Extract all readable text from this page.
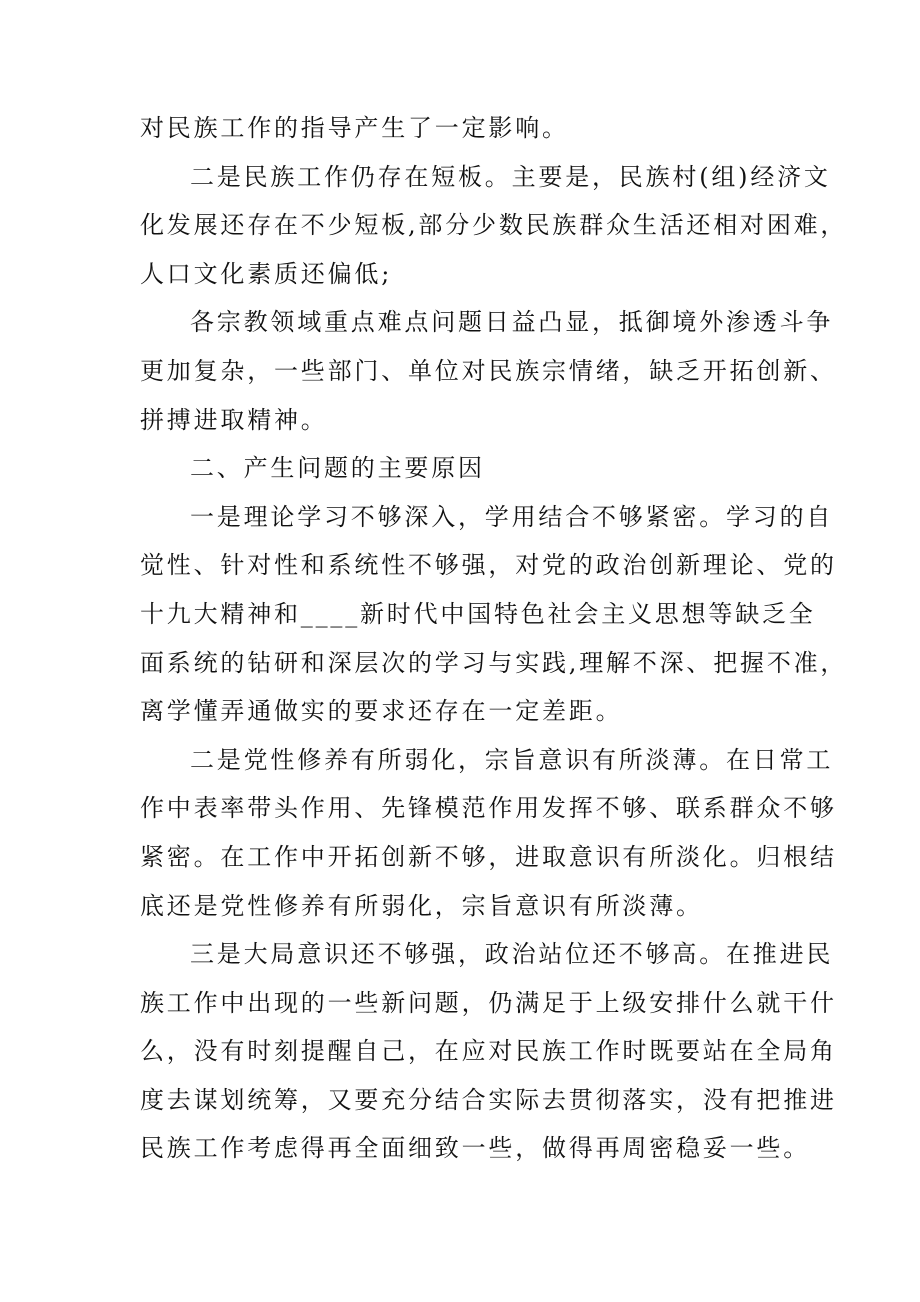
对民族工作的指导产生了一定影响。
二是民族工作仍存在短板。主要是，民族村(组)经济文
化发展还存在不少短板,部分少数民族群众生活还相对困难，
人口文化素质还偏低;
各宗教领域重点难点问题日益凸显，抵御境外渗透斗争
更加复杂，一些部门、单位对民族宗情绪，缺乏开拓创新、
拼搏进取精神。
二、产生问题的主要原因
一是理论学习不够深入，学用结合不够紧密。学习的自
觉性、针对性和系统性不够强，对党的政治创新理论、党的
十九大精神和____新时代中国特色社会主义思想等缺乏全
面系统的钻研和深层次的学习与实践,理解不深、把握不准，
离学懂弄通做实的要求还存在一定差距。
二是党性修养有所弱化，宗旨意识有所淡薄。在日常工
作中表率带头作用、先锋模范作用发挥不够、联系群众不够
紧密。在工作中开拓创新不够，进取意识有所淡化。归根结
底还是党性修养有所弱化，宗旨意识有所淡薄。
三是大局意识还不够强，政治站位还不够高。在推进民
族工作中出现的一些新问题，仍满足于上级安排什么就干什
么，没有时刻提醒自己，在应对民族工作时既要站在全局角
度去谋划统筹，又要充分结合实际去贯彻落实，没有把推进
民族工作考虑得再全面细致一些，做得再周密稳妥一些。
